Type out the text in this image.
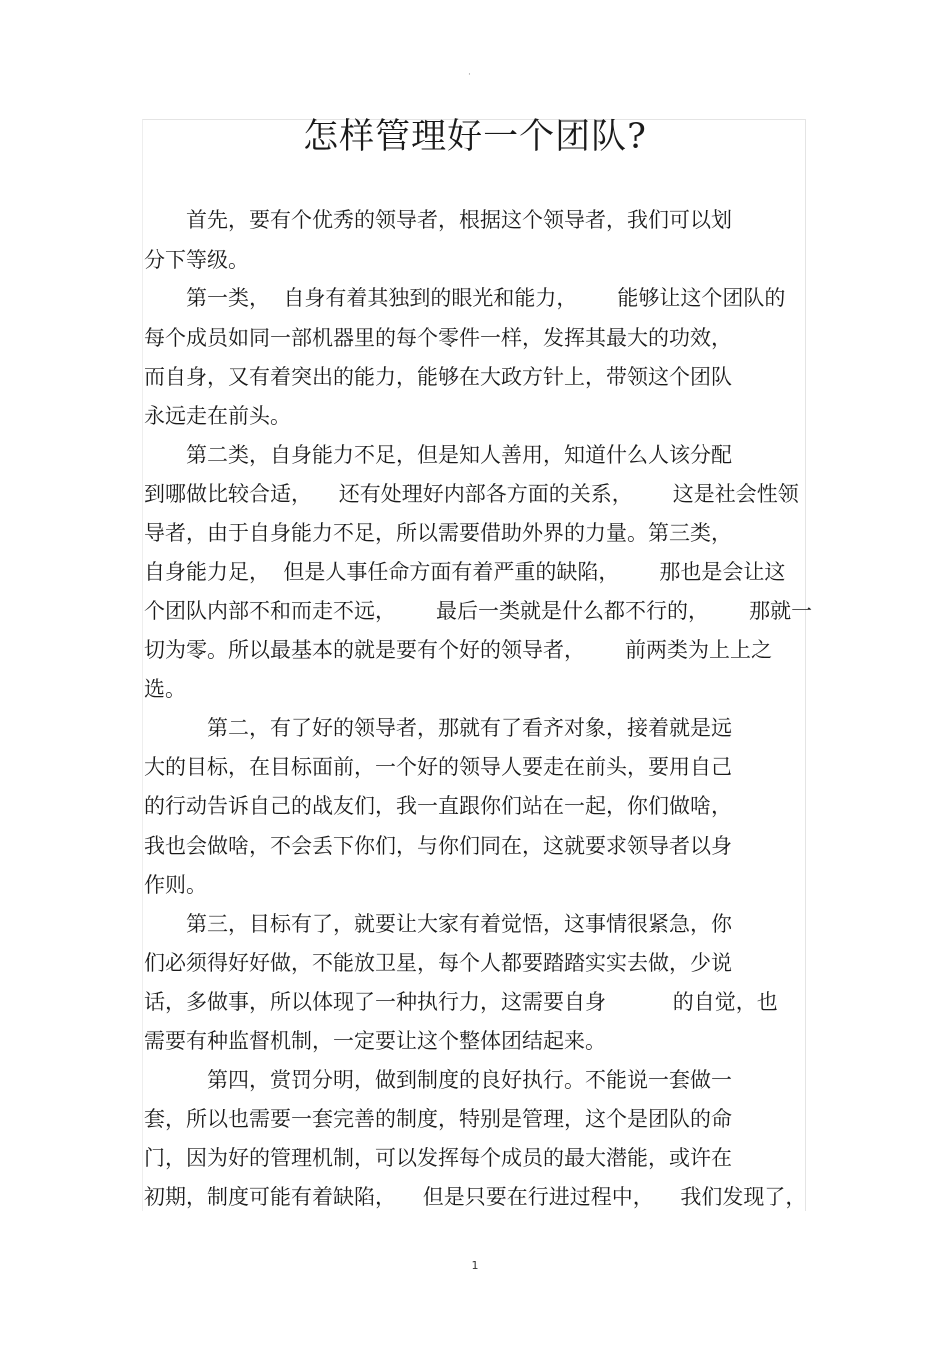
·
怎样管理好一个团队?
　　首先，要有个优秀的领导者，根据这个领导者，我们可以划
分下等级。
　　第一类，  自身有着其独到的眼光和能力，      能够让这个团队的
每个成员如同一部机器里的每个零件一样，发挥其最大的功效，
而自身，又有着突出的能力，能够在大政方针上，带领这个团队
永远走在前头。
　　第二类，自身能力不足，但是知人善用，知道什么人该分配
到哪做比较合适，    还有处理好内部各方面的关系，      这是社会性领
导者，由于自身能力不足，所以需要借助外界的力量。第三类，
自身能力足，  但是人事任命方面有着严重的缺陷，      那也是会让这
个团队内部不和而走不远，      最后一类就是什么都不行的，      那就一
切为零。所以最基本的就是要有个好的领导者，      前两类为上上之
选。
　　　第二，有了好的领导者，那就有了看齐对象，接着就是远
大的目标，在目标面前，一个好的领导人要走在前头，要用自己
的行动告诉自己的战友们，我一直跟你们站在一起，你们做啥，
我也会做啥，不会丢下你们，与你们同在，这就要求领导者以身
作则。
　　第三，目标有了，就要让大家有着觉悟，这事情很紧急，你
们必须得好好做，不能放卫星，每个人都要踏踏实实去做，少说
话，多做事，所以体现了一种执行力，这需要自身          的自觉，也
需要有种监督机制，一定要让这个整体团结起来。
　　　第四，赏罚分明，做到制度的良好执行。不能说一套做一
套，所以也需要一套完善的制度，特别是管理，这个是团队的命
门，因为好的管理机制，可以发挥每个成员的最大潜能，或许在
初期，制度可能有着缺陷，    但是只要在行进过程中，    我们发现了，
1
